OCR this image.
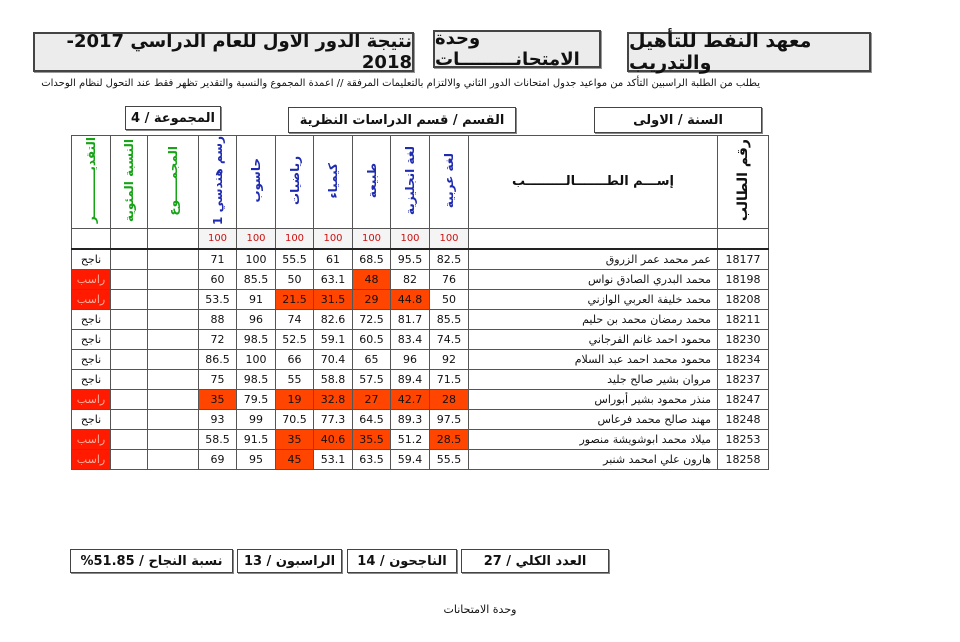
معهد النفط للتأهيل والتدريب
وحدة الامتحانـــــــــات
نتيجة الدور الاول للعام الدراسي 2017-2018
يطلب من الطلبة الراسبين التأكد من مواعيد جدول امتحانات الدور الثاني والالتزام بالتعليمات المرفقة // اعمدة المجموع والنسبة والتقدير تظهر فقط عند التحول لنظام الوحدات
السنة / الاولى
القسم / قسم الدراسات النظرية
المجموعة / 4
رقم الطالب	إســـم الطـــــــالـــــــــب	لغة عربية	لغة انجليزية	طبيعة	كيمياء	رياضيات	حاسوب	رسم هندسي 1	المجمـــــوع	النسبة المئوية	التقديـــــــــــر
		100	100	100	100	100	100	100			
18177	عمر محمد عمر الزروق	82.5	95.5	68.5	61	55.5	100	71			ناجح
18198	محمد البدري الصادق نواس	76	82	48	63.1	50	85.5	60			راسب
18208	محمد خليفة العربي الوازني	50	44.8	29	31.5	21.5	91	53.5			راسب
18211	محمد رمضان محمد بن حليم	85.5	81.7	72.5	82.6	74	96	88			ناجح
18230	محمود احمد غانم الفرجاني	74.5	83.4	60.5	59.1	52.5	98.5	72			ناجح
18234	محمود محمد احمد عبد السلام	92	96	65	70.4	66	100	86.5			ناجح
18237	مروان بشير صالح جليد	71.5	89.4	57.5	58.8	55	98.5	75			ناجح
18247	منذر محمود بشير أبوراس	28	42.7	27	32.8	19	79.5	35			راسب
18248	مهند صالح محمد فرعاس	97.5	89.3	64.5	77.3	70.5	99	93			ناجح
18253	ميلاد محمد ابوشويشة منصور	28.5	51.2	35.5	40.6	35	91.5	58.5			راسب
18258	هارون علي امحمد شنبر	55.5	59.4	63.5	53.1	45	95	69			راسب
العدد الكلي / 27
الناجحون / 14
الراسبون / 13
نسبة النجاح / 51.85%
وحدة الامتحانات
